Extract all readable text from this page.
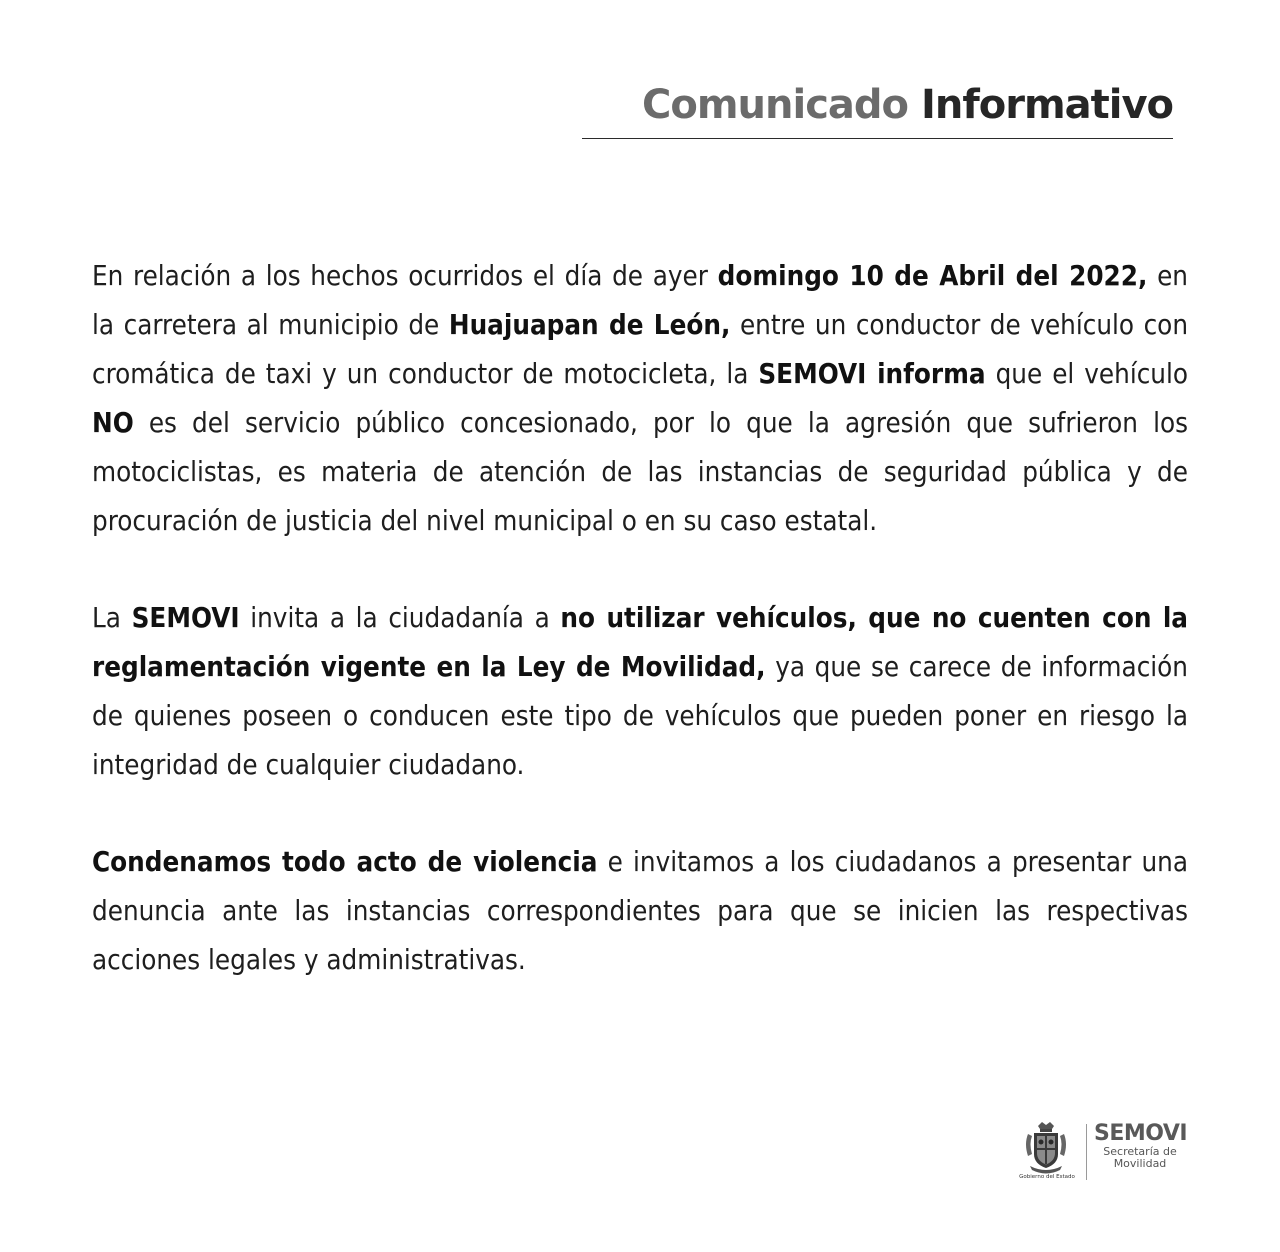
Comunicado Informativo

En relación a los hechos ocurridos el día de ayer domingo 10 de Abril del 2022, en la carretera al municipio de Huajuapan de León, entre un conductor de vehículo con cromática de taxi y un conductor de motocicleta, la SEMOVI informa que el vehículo NO es del servicio público concesionado, por lo que la agresión que sufrieron los motociclistas, es materia de atención de las instancias de seguridad pública y de procuración de justicia del nivel municipal o en su caso estatal.

La SEMOVI invita a la ciudadanía a no utilizar vehículos, que no cuenten con la reglamentación vigente en la Ley de Movilidad, ya que se carece de información de quienes poseen o conducen este tipo de vehículos que pueden poner en riesgo la integridad de cualquier ciudadano.

Condenamos todo acto de violencia e invitamos a los ciudadanos a presentar una denuncia ante las instancias correspondientes para que se inicien las respectivas acciones legales y administrativas.

Gobierno del Estado
SEMOVI
Secretaría de
Movilidad
